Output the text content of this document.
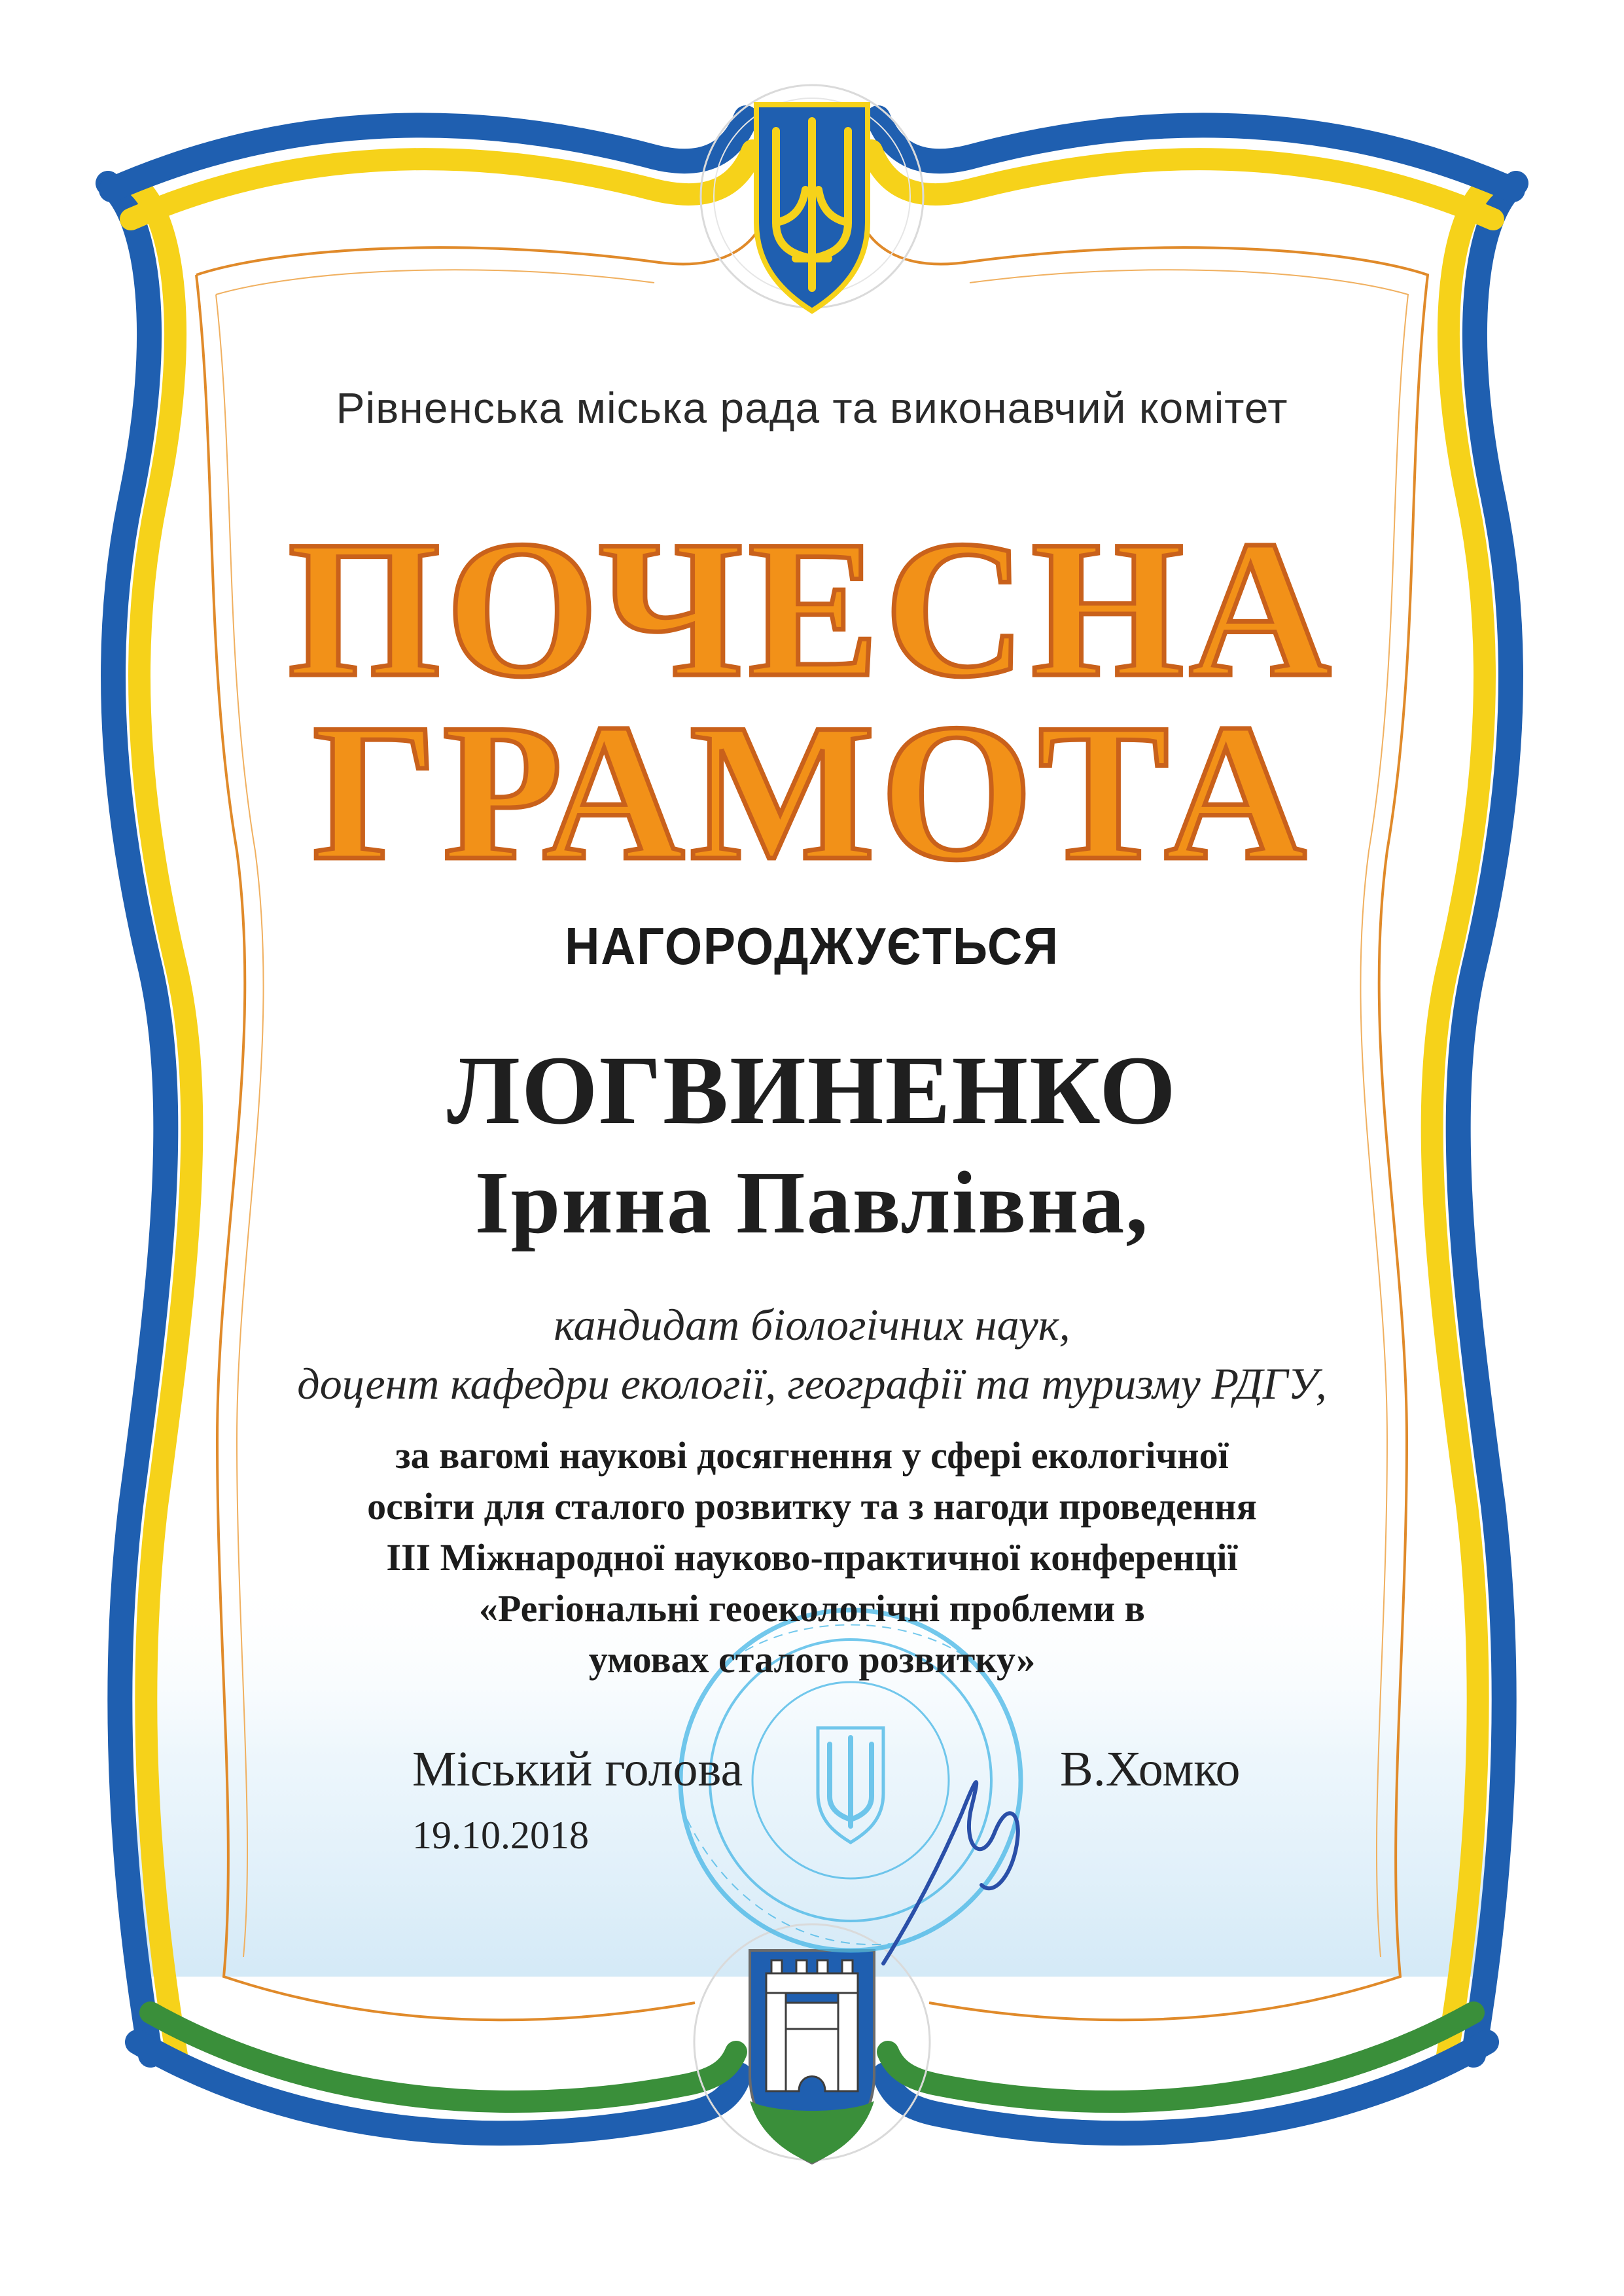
Рівненська міська рада та виконавчий комітет
ПОЧЕСНА
ГРАМОТА
НАГОРОДЖУЄТЬСЯ
ЛОГВИНЕНКО
Ірина Павлівна,
кандидат біологічних наук,
доцент кафедри екології, географії та туризму РДГУ,
за вагомі наукові досягнення у сфері екологічної
освіти для сталого розвитку та з нагоди проведення
III Міжнародної науково-практичної конференції
«Регіональні геоекологічні проблеми в
умовах сталого розвитку»
Міський голова
19.10.2018
В.Хомко
